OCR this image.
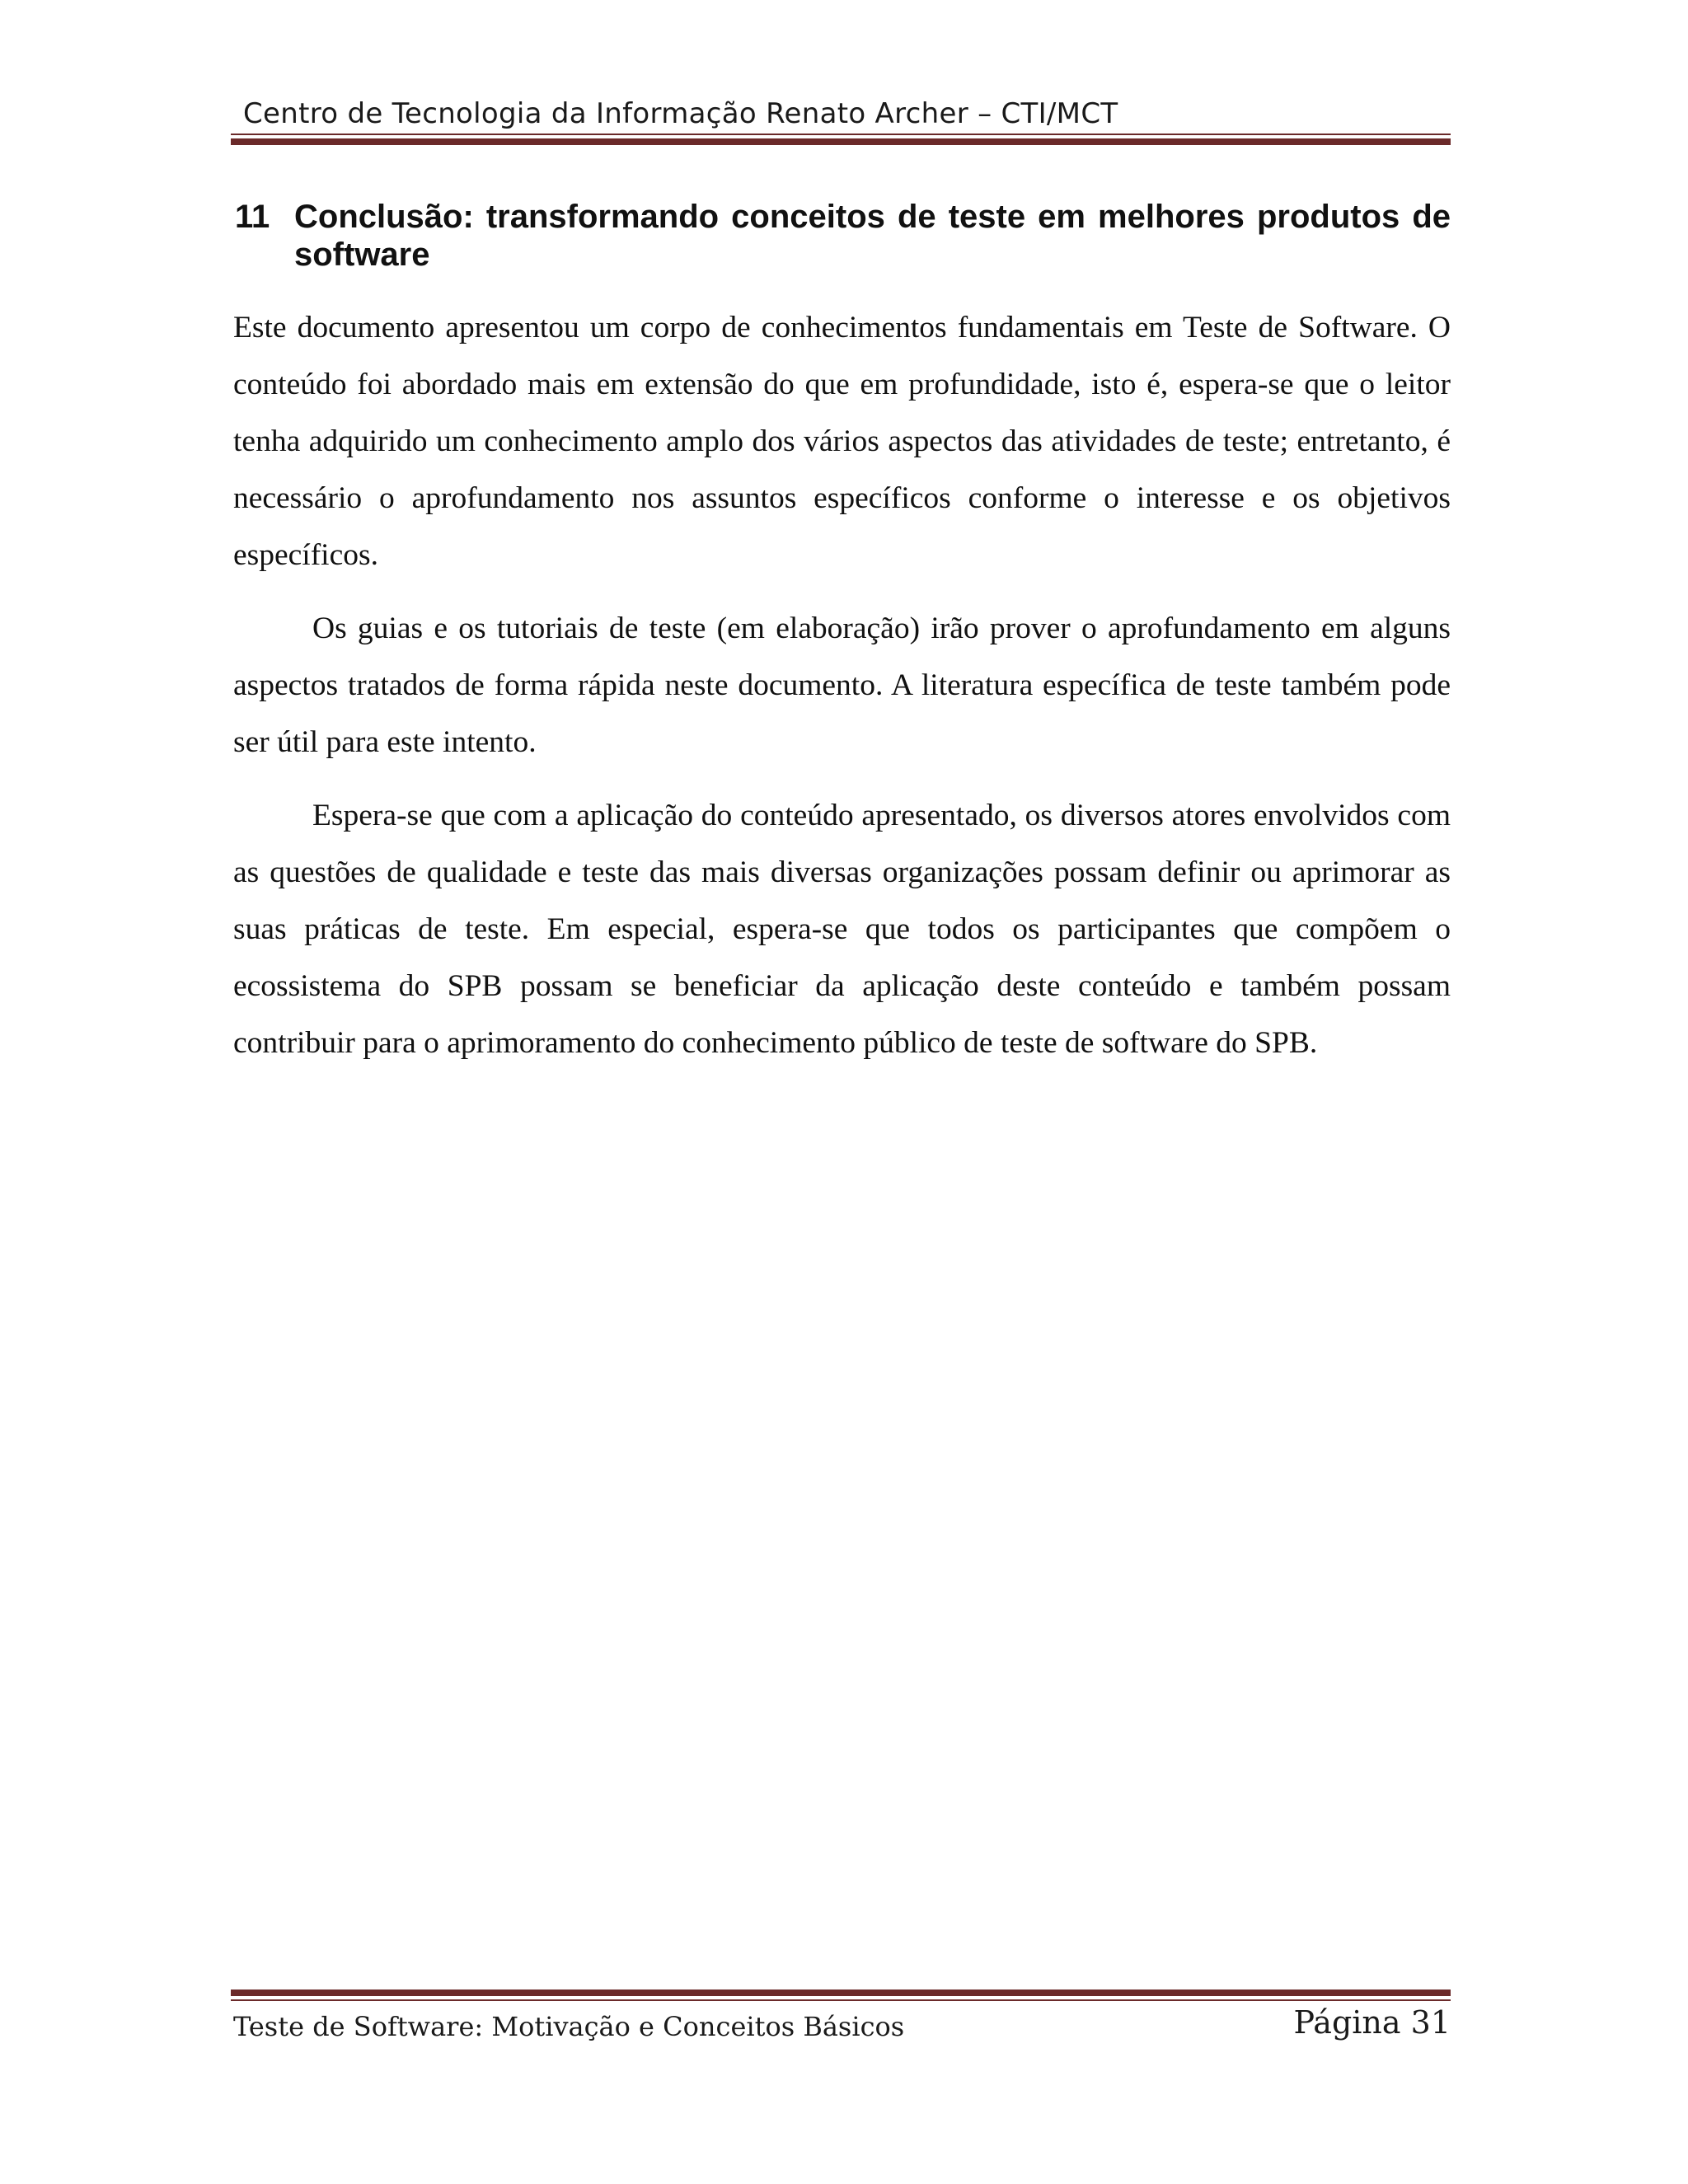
Centro de Tecnologia da Informação Renato Archer – CTI/MCT
11 Conclusão: transformando conceitos de teste em melhores produtos de software

Este documento apresentou um corpo de conhecimentos fundamentais em Teste de Software. O conteúdo foi abordado mais em extensão do que em profundidade, isto é, espera-se que o leitor tenha adquirido um conhecimento amplo dos vários aspectos das atividades de teste; entretanto, é necessário o aprofundamento nos assuntos específicos conforme o interesse e os objetivos específicos.

Os guias e os tutoriais de teste (em elaboração) irão prover o aprofundamento em alguns aspectos tratados de forma rápida neste documento. A literatura específica de teste também pode ser útil para este intento.

Espera-se que com a aplicação do conteúdo apresentado, os diversos atores envolvidos com as questões de qualidade e teste das mais diversas organizações possam definir ou aprimorar as suas práticas de teste. Em especial, espera-se que todos os participantes que compõem o ecossistema do SPB possam se beneficiar da aplicação deste conteúdo e também possam contribuir para o aprimoramento do conhecimento público de teste de software do SPB.

Teste de Software: Motivação e Conceitos Básicos	Página 31
